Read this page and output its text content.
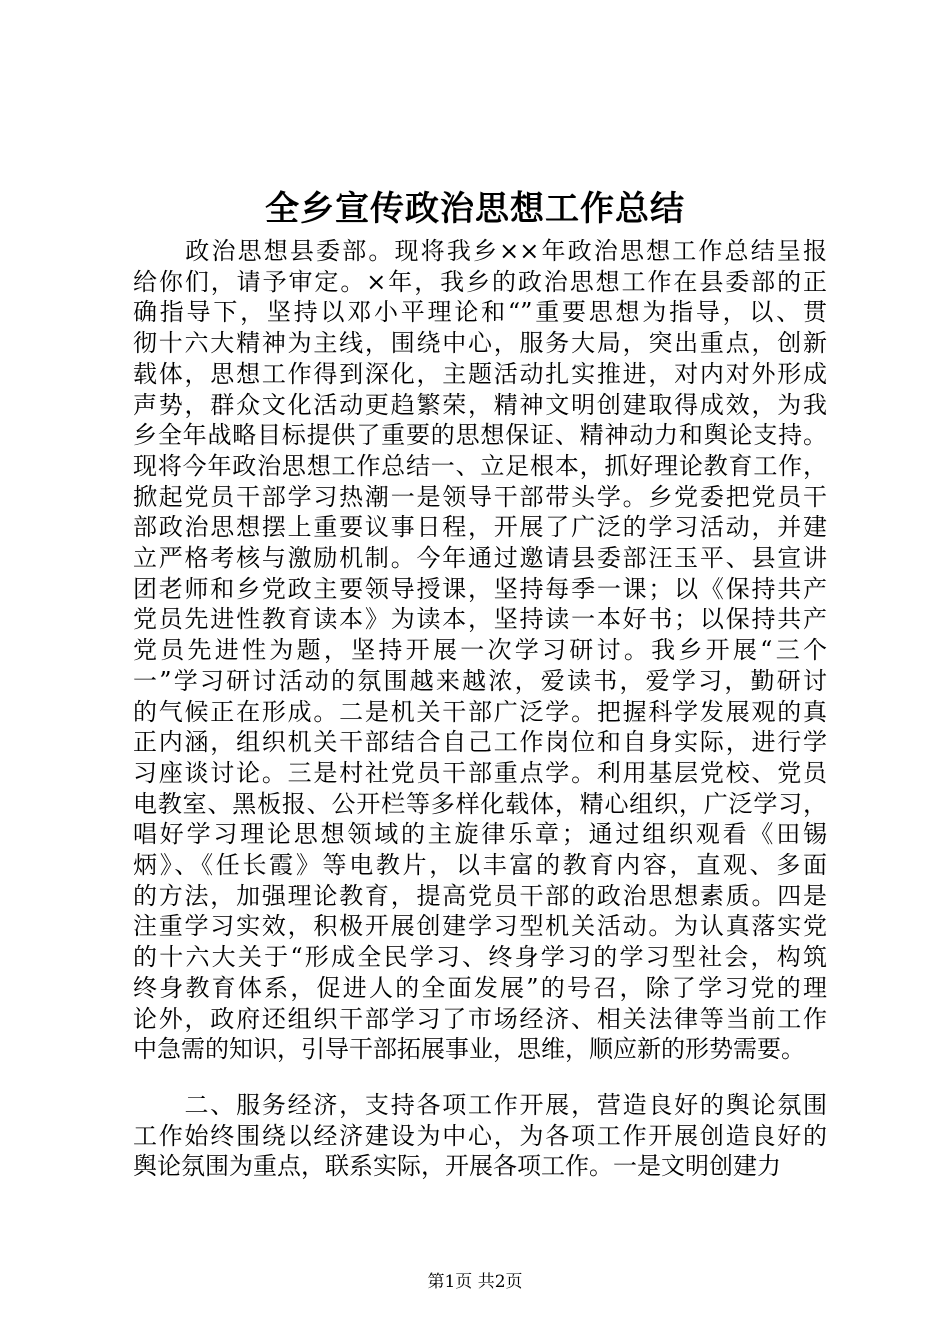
全乡宣传政治思想工作总结
　　政治思想县委部。现将我乡××年政治思想工作总结呈报
给你们，请予审定。×年，我乡的政治思想工作在县委部的正
确指导下，坚持以邓小平理论和“”重要思想为指导，以、贯
彻十六大精神为主线，围绕中心，服务大局，突出重点，创新
载体，思想工作得到深化，主题活动扎实推进，对内对外形成
声势，群众文化活动更趋繁荣，精神文明创建取得成效，为我
乡全年战略目标提供了重要的思想保证、精神动力和舆论支持。
现将今年政治思想工作总结一、立足根本，抓好理论教育工作，
掀起党员干部学习热潮一是领导干部带头学。乡党委把党员干
部政治思想摆上重要议事日程，开展了广泛的学习活动，并建
立严格考核与激励机制。今年通过邀请县委部汪玉平、县宣讲
团老师和乡党政主要领导授课，坚持每季一课；以《保持共产
党员先进性教育读本》为读本，坚持读一本好书；以保持共产
党员先进性为题，坚持开展一次学习研讨。我乡开展“三个
一”学习研讨活动的氛围越来越浓，爱读书，爱学习，勤研讨
的气候正在形成。二是机关干部广泛学。把握科学发展观的真
正内涵，组织机关干部结合自己工作岗位和自身实际，进行学
习座谈讨论。三是村社党员干部重点学。利用基层党校、党员
电教室、黑板报、公开栏等多样化载体，精心组织，广泛学习，
唱好学习理论思想领域的主旋律乐章；通过组织观看《田锡
炳》、《任长霞》等电教片，以丰富的教育内容，直观、多面
的方法，加强理论教育，提高党员干部的政治思想素质。四是
注重学习实效，积极开展创建学习型机关活动。为认真落实党
的十六大关于“形成全民学习、终身学习的学习型社会，构筑
终身教育体系，促进人的全面发展”的号召，除了学习党的理
论外，政府还组织干部学习了市场经济、相关法律等当前工作
中急需的知识，引导干部拓展事业，思维，顺应新的形势需要。
　　二、服务经济，支持各项工作开展，营造良好的舆论氛围
工作始终围绕以经济建设为中心，为各项工作开展创造良好的
舆论氛围为重点，联系实际，开展各项工作。一是文明创建力
第1页 共2页
